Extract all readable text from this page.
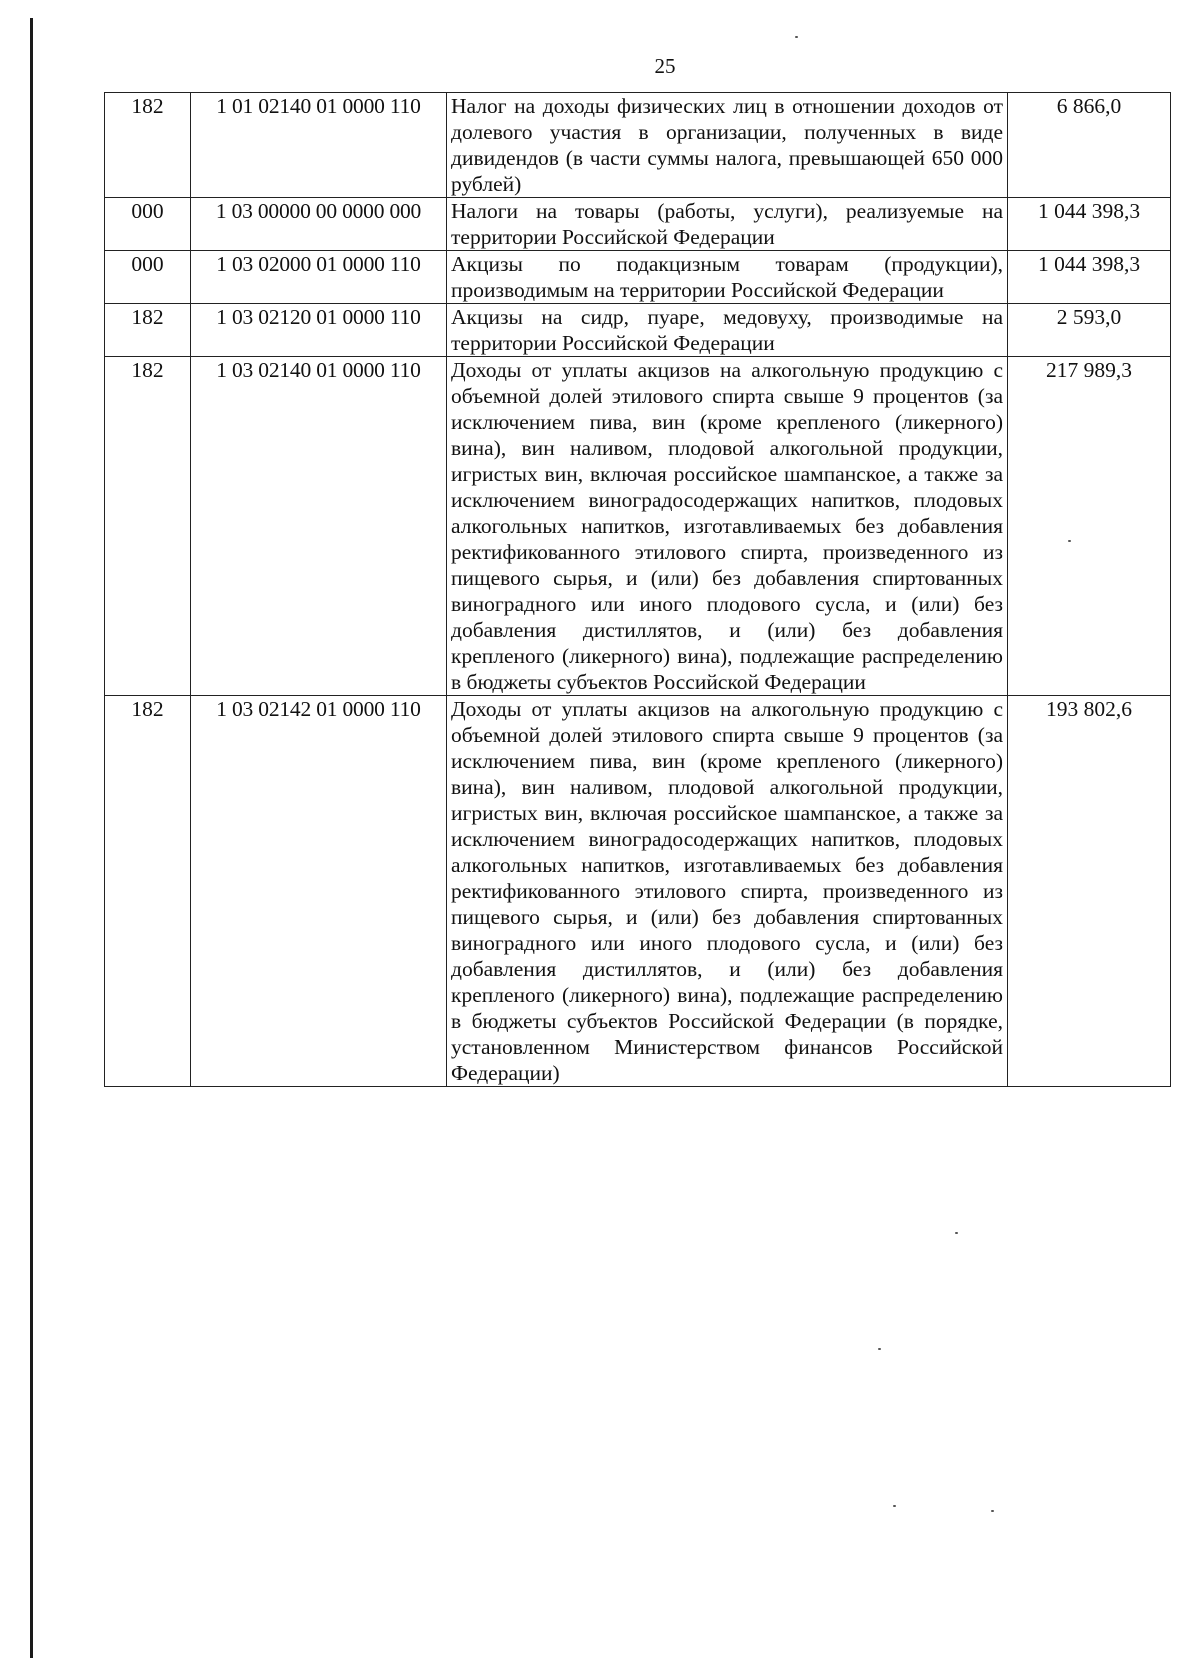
25
182	1 01 02140 01 0000 110	Налог на доходы физических лиц в отношении доходов от долевого участия в организации, полученных в виде дивидендов (в части суммы налога, превышающей 650 000 рублей)	6 866,0
000	1 03 00000 00 0000 000	Налоги на товары (работы, услуги), реализуемые на территории Российской Федерации	1 044 398,3
000	1 03 02000 01 0000 110	Акцизы по подакцизным товарам (продукции), производимым на территории Российской Федерации	1 044 398,3
182	1 03 02120 01 0000 110	Акцизы на сидр, пуаре, медовуху, производимые на территории Российской Федерации	2 593,0
182	1 03 02140 01 0000 110	Доходы от уплаты акцизов на алкогольную продукцию с объемной долей этилового спирта свыше 9 процентов (за исключением пива, вин (кроме крепленого (ликерного) вина), вин наливом, плодовой алкогольной продукции, игристых вин, включая российское шампанское, а также за исключением виноградосодержащих напитков, плодовых алкогольных напитков, изготавливаемых без добавления ректификованного этилового спирта, произведенного из пищевого сырья, и (или) без добавления спиртованных виноградного или иного плодового сусла, и (или) без добавления дистиллятов, и (или) без добавления крепленого (ликерного) вина), подлежащие распределению в бюджеты субъектов Российской Федерации	217 989,3
182	1 03 02142 01 0000 110	Доходы от уплаты акцизов на алкогольную продукцию с объемной долей этилового спирта свыше 9 процентов (за исключением пива, вин (кроме крепленого (ликерного) вина), вин наливом, плодовой алкогольной продукции, игристых вин, включая российское шампанское, а также за исключением виноградосодержащих напитков, плодовых алкогольных напитков, изготавливаемых без добавления ректификованного этилового спирта, произведенного из пищевого сырья, и (или) без добавления спиртованных виноградного или иного плодового сусла, и (или) без добавления дистиллятов, и (или) без добавления крепленого (ликерного) вина), подлежащие распределению в бюджеты субъектов Российской Федерации (в порядке, установленном Министерством финансов Российской Федерации)	193 802,6
